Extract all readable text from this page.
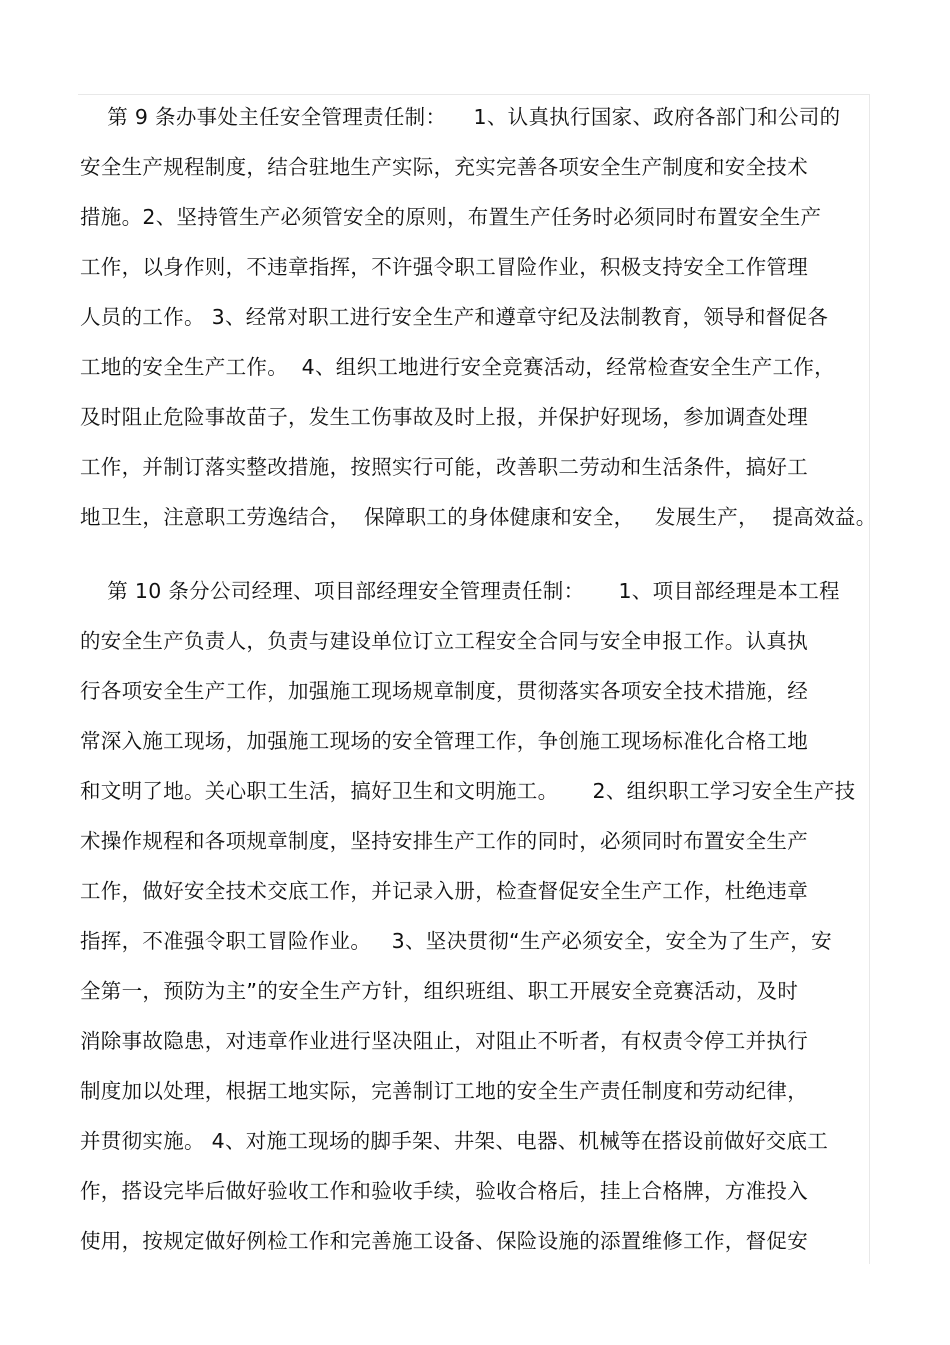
第 9 条办事处主任安全管理责任制：    1、认真执行国家、政府各部门和公司的
安全生产规程制度，结合驻地生产实际，充实完善各项安全生产制度和安全技术
措施。2、坚持管生产必须管安全的原则，布置生产任务时必须同时布置安全生产
工作，以身作则，不违章指挥，不许强令职工冒险作业，积极支持安全工作管理
人员的工作。 3、经常对职工进行安全生产和遵章守纪及法制教育，领导和督促各
工地的安全生产工作。  4、组织工地进行安全竞赛活动，经常检查安全生产工作，
及时阻止危险事故苗子，发生工伤事故及时上报，并保护好现场，参加调查处理
工作，并制订落实整改措施，按照实行可能，改善职二劳动和生活条件，搞好工
地卫生，注意职工劳逸结合，  保障职工的身体健康和安全，   发展生产，  提高效益。
第 10 条分公司经理、项目部经理安全管理责任制：     1、项目部经理是本工程
的安全生产负责人，负责与建设单位订立工程安全合同与安全申报工作。认真执
行各项安全生产工作，加强施工现场规章制度，贯彻落实各项安全技术措施，经
常深入施工现场，加强施工现场的安全管理工作，争创施工现场标准化合格工地
和文明了地。关心职工生活，搞好卫生和文明施工。     2、组织职工学习安全生产技
术操作规程和各项规章制度，坚持安排生产工作的同时，必须同时布置安全生产
工作，做好安全技术交底工作，并记录入册，检查督促安全生产工作，杜绝违章
指挥，不准强令职工冒险作业。   3、坚决贯彻“生产必须安全，安全为了生产，安
全第一，预防为主”的安全生产方针，组织班组、职工开展安全竞赛活动，及时
消除事故隐患，对违章作业进行坚决阻止，对阻止不听者，有权责令停工并执行
制度加以处理，根据工地实际，完善制订工地的安全生产责任制度和劳动纪律，
并贯彻实施。 4、对施工现场的脚手架、井架、电器、机械等在搭设前做好交底工
作，搭设完毕后做好验收工作和验收手续，验收合格后，挂上合格牌，方准投入
使用，按规定做好例检工作和完善施工设备、保险设施的添置维修工作，督促安
